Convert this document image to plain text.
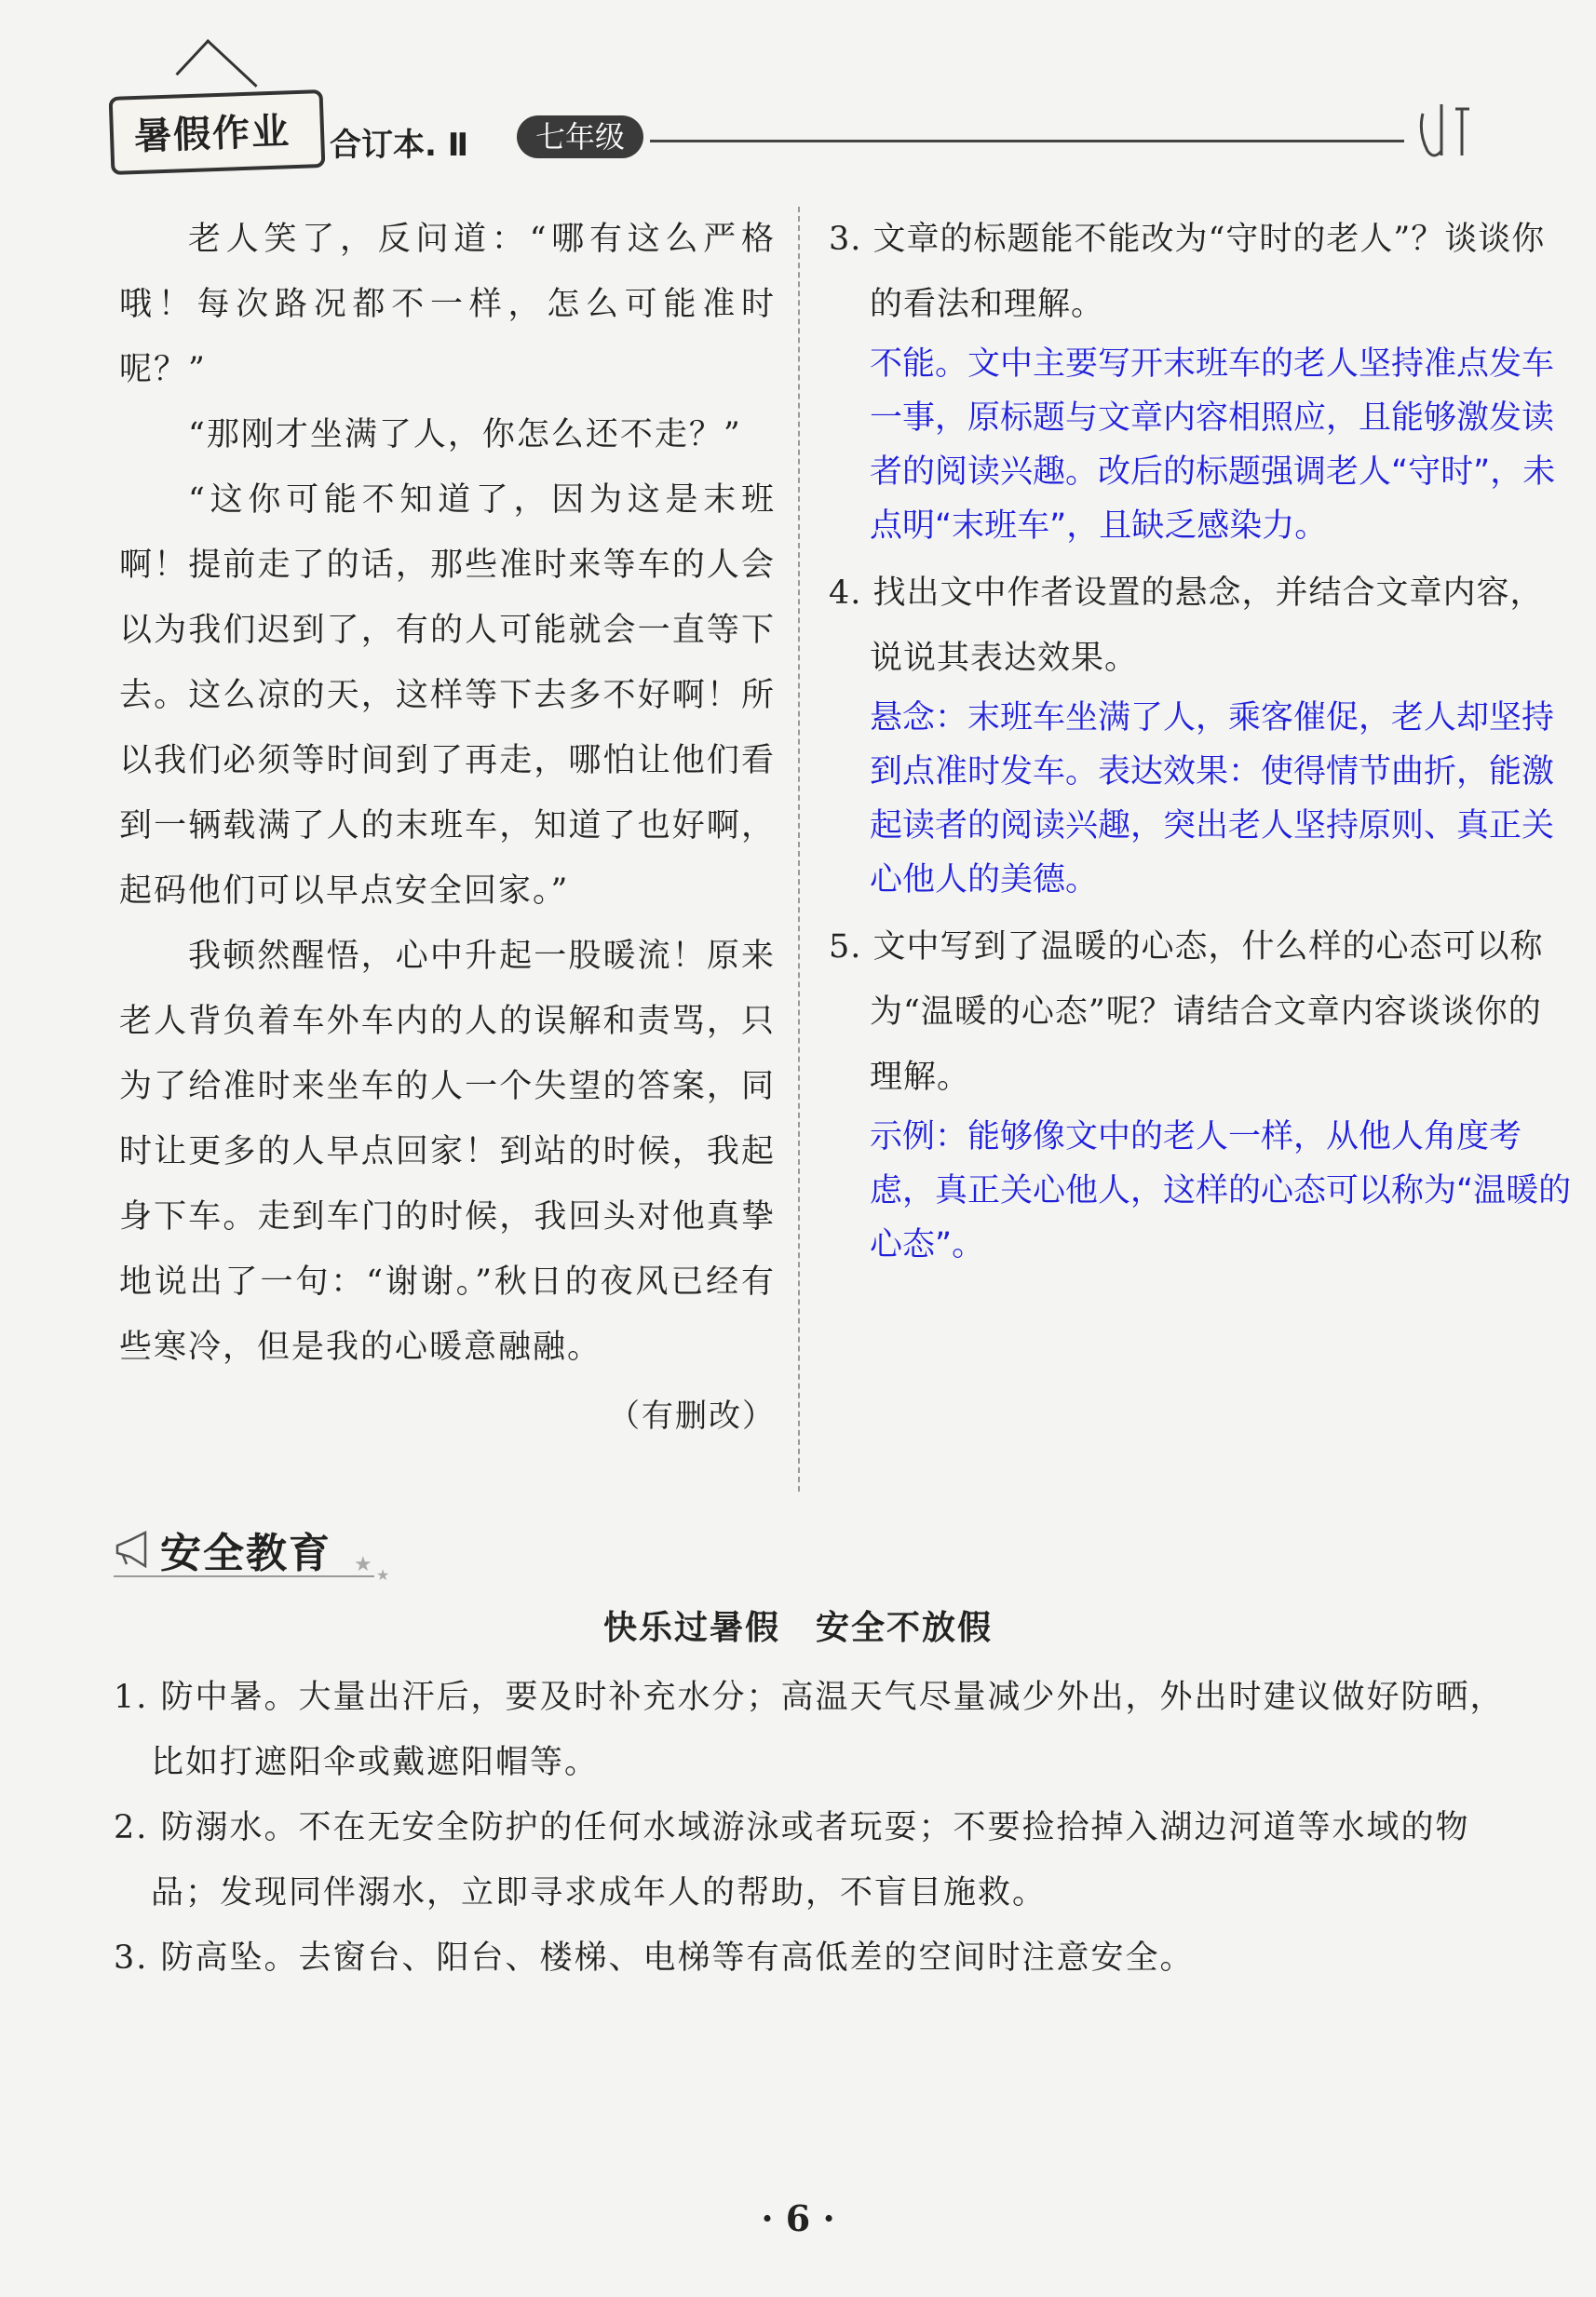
暑假作业 合订本. Ⅱ	七年级

老人笑了，反问道：“哪有这么严格哦！每次路况都不一样，怎么可能准时呢？”

“那刚才坐满了人，你怎么还不走？”

“这你可能不知道了，因为这是末班啊！提前走了的话，那些准时来等车的人会以为我们迟到了，有的人可能就会一直等下去。这么凉的天，这样等下去多不好啊！所以我们必须等时间到了再走，哪怕让他们看到一辆载满了人的末班车，知道了也好啊，起码他们可以早点安全回家。”

我顿然醒悟，心中升起一股暖流！原来老人背负着车外车内的人的误解和责骂，只为了给准时来坐车的人一个失望的答案，同时让更多的人早点回家！到站的时候，我起身下车。走到车门的时候，我回头对他真挚地说出了一句：“谢谢。”秋日的夜风已经有些寒冷，但是我的心暖意融融。

（有删改）

3. 文章的标题能不能改为“守时的老人”？谈谈你的看法和理解。

不能。文中主要写开末班车的老人坚持准点发车一事，原标题与文章内容相照应，且能够激发读者的阅读兴趣。改后的标题强调老人“守时”，未点明“末班车”，且缺乏感染力。

4. 找出文中作者设置的悬念，并结合文章内容，说说其表达效果。

悬念：末班车坐满了人，乘客催促，老人却坚持到点准时发车。表达效果：使得情节曲折，能激起读者的阅读兴趣，突出老人坚持原则、真正关心他人的美德。

5. 文中写到了温暖的心态，什么样的心态可以称为“温暖的心态”呢？请结合文章内容谈谈你的理解。

示例：能够像文中的老人一样，从他人角度考虑，真正关心他人，这样的心态可以称为“温暖的心态”。

安全教育 ★ ★
快乐过暑假　安全不放假

1. 防中暑。大量出汗后，要及时补充水分；高温天气尽量减少外出，外出时建议做好防晒，比如打遮阳伞或戴遮阳帽等。

2. 防溺水。不在无安全防护的任何水域游泳或者玩耍；不要捡拾掉入湖边河道等水域的物品；发现同伴溺水，立即寻求成年人的帮助，不盲目施救。

3. 防高坠。去窗台、阳台、楼梯、电梯等有高低差的空间时注意安全。

· 6 ·
